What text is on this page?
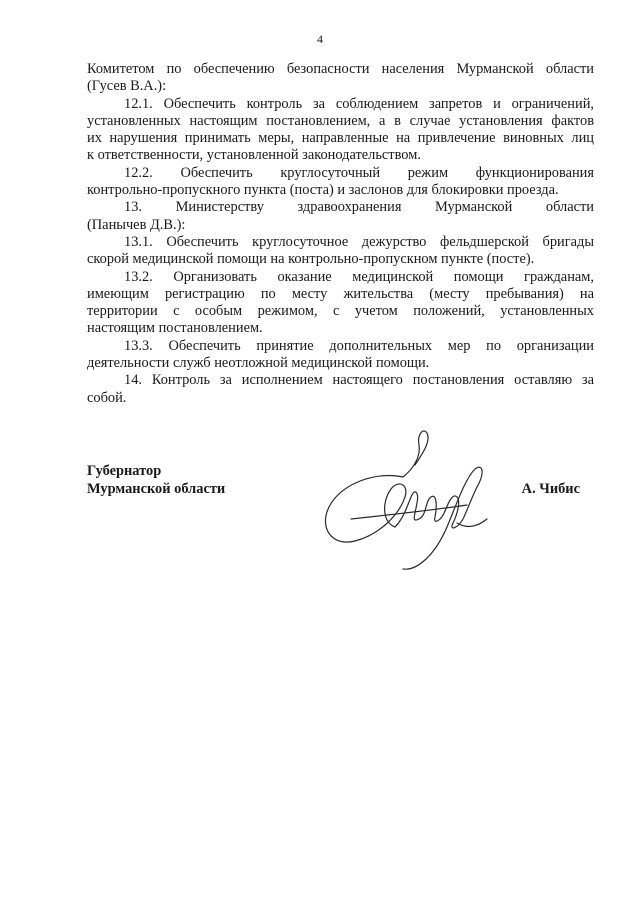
4
Комитетом по обеспечению безопасности населения Мурманской области
(Гусев В.А.):
12.1. Обеспечить контроль за соблюдением запретов и ограничений,
установленных настоящим постановлением, а в случае установления фактов
их нарушения принимать меры, направленные на привлечение виновных лиц
к ответственности, установленной законодательством.
12.2. Обеспечить круглосуточный режим функционирования
контрольно-пропускного пункта (поста) и заслонов для блокировки проезда.
13. Министерству здравоохранения Мурманской области
(Панычев Д.В.):
13.1. Обеспечить круглосуточное дежурство фельдшерской бригады
скорой медицинской помощи на контрольно-пропускном пункте (посте).
13.2. Организовать оказание медицинской помощи гражданам,
имеющим регистрацию по месту жительства (месту пребывания) на
территории с особым режимом, с учетом положений, установленных
настоящим постановлением.
13.3. Обеспечить принятие дополнительных мер по организации
деятельности служб неотложной медицинской помощи.
14. Контроль за исполнением настоящего постановления оставляю за
собой.
Губернатор
Мурманской области	А. Чибис
